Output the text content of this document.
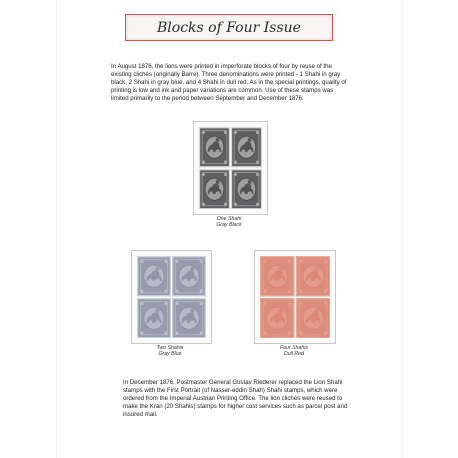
Blocks of Four Issue

In August 1876, the lions were printed in imperforate blocks of four by reuse of the existing clichés (originally Barre). Three denominations were printed - 1 Shahi in gray black, 2 Shahi in gray blue, and 4 Shahi in dull red. As in the special printings, quality of printing is low and ink and paper variations are common. Use of these stamps was limited primarily to the period between September and December 1876.

One Shahi
Gray Black
Two Shahis
Gray Blue
Four Shahis
Dull Red

In December 1876, Postmaster General Gustav Riederer replaced the Lion Shahi stamps with the First Portrait (of Nasser-eddin Shah) Shahi stamps, which were ordered from the Imperial Austrian Printing Office. The lion clichés were reused to make the Kran (20 Shahis) stamps for higher cost services such as parcel post and insured mail.
